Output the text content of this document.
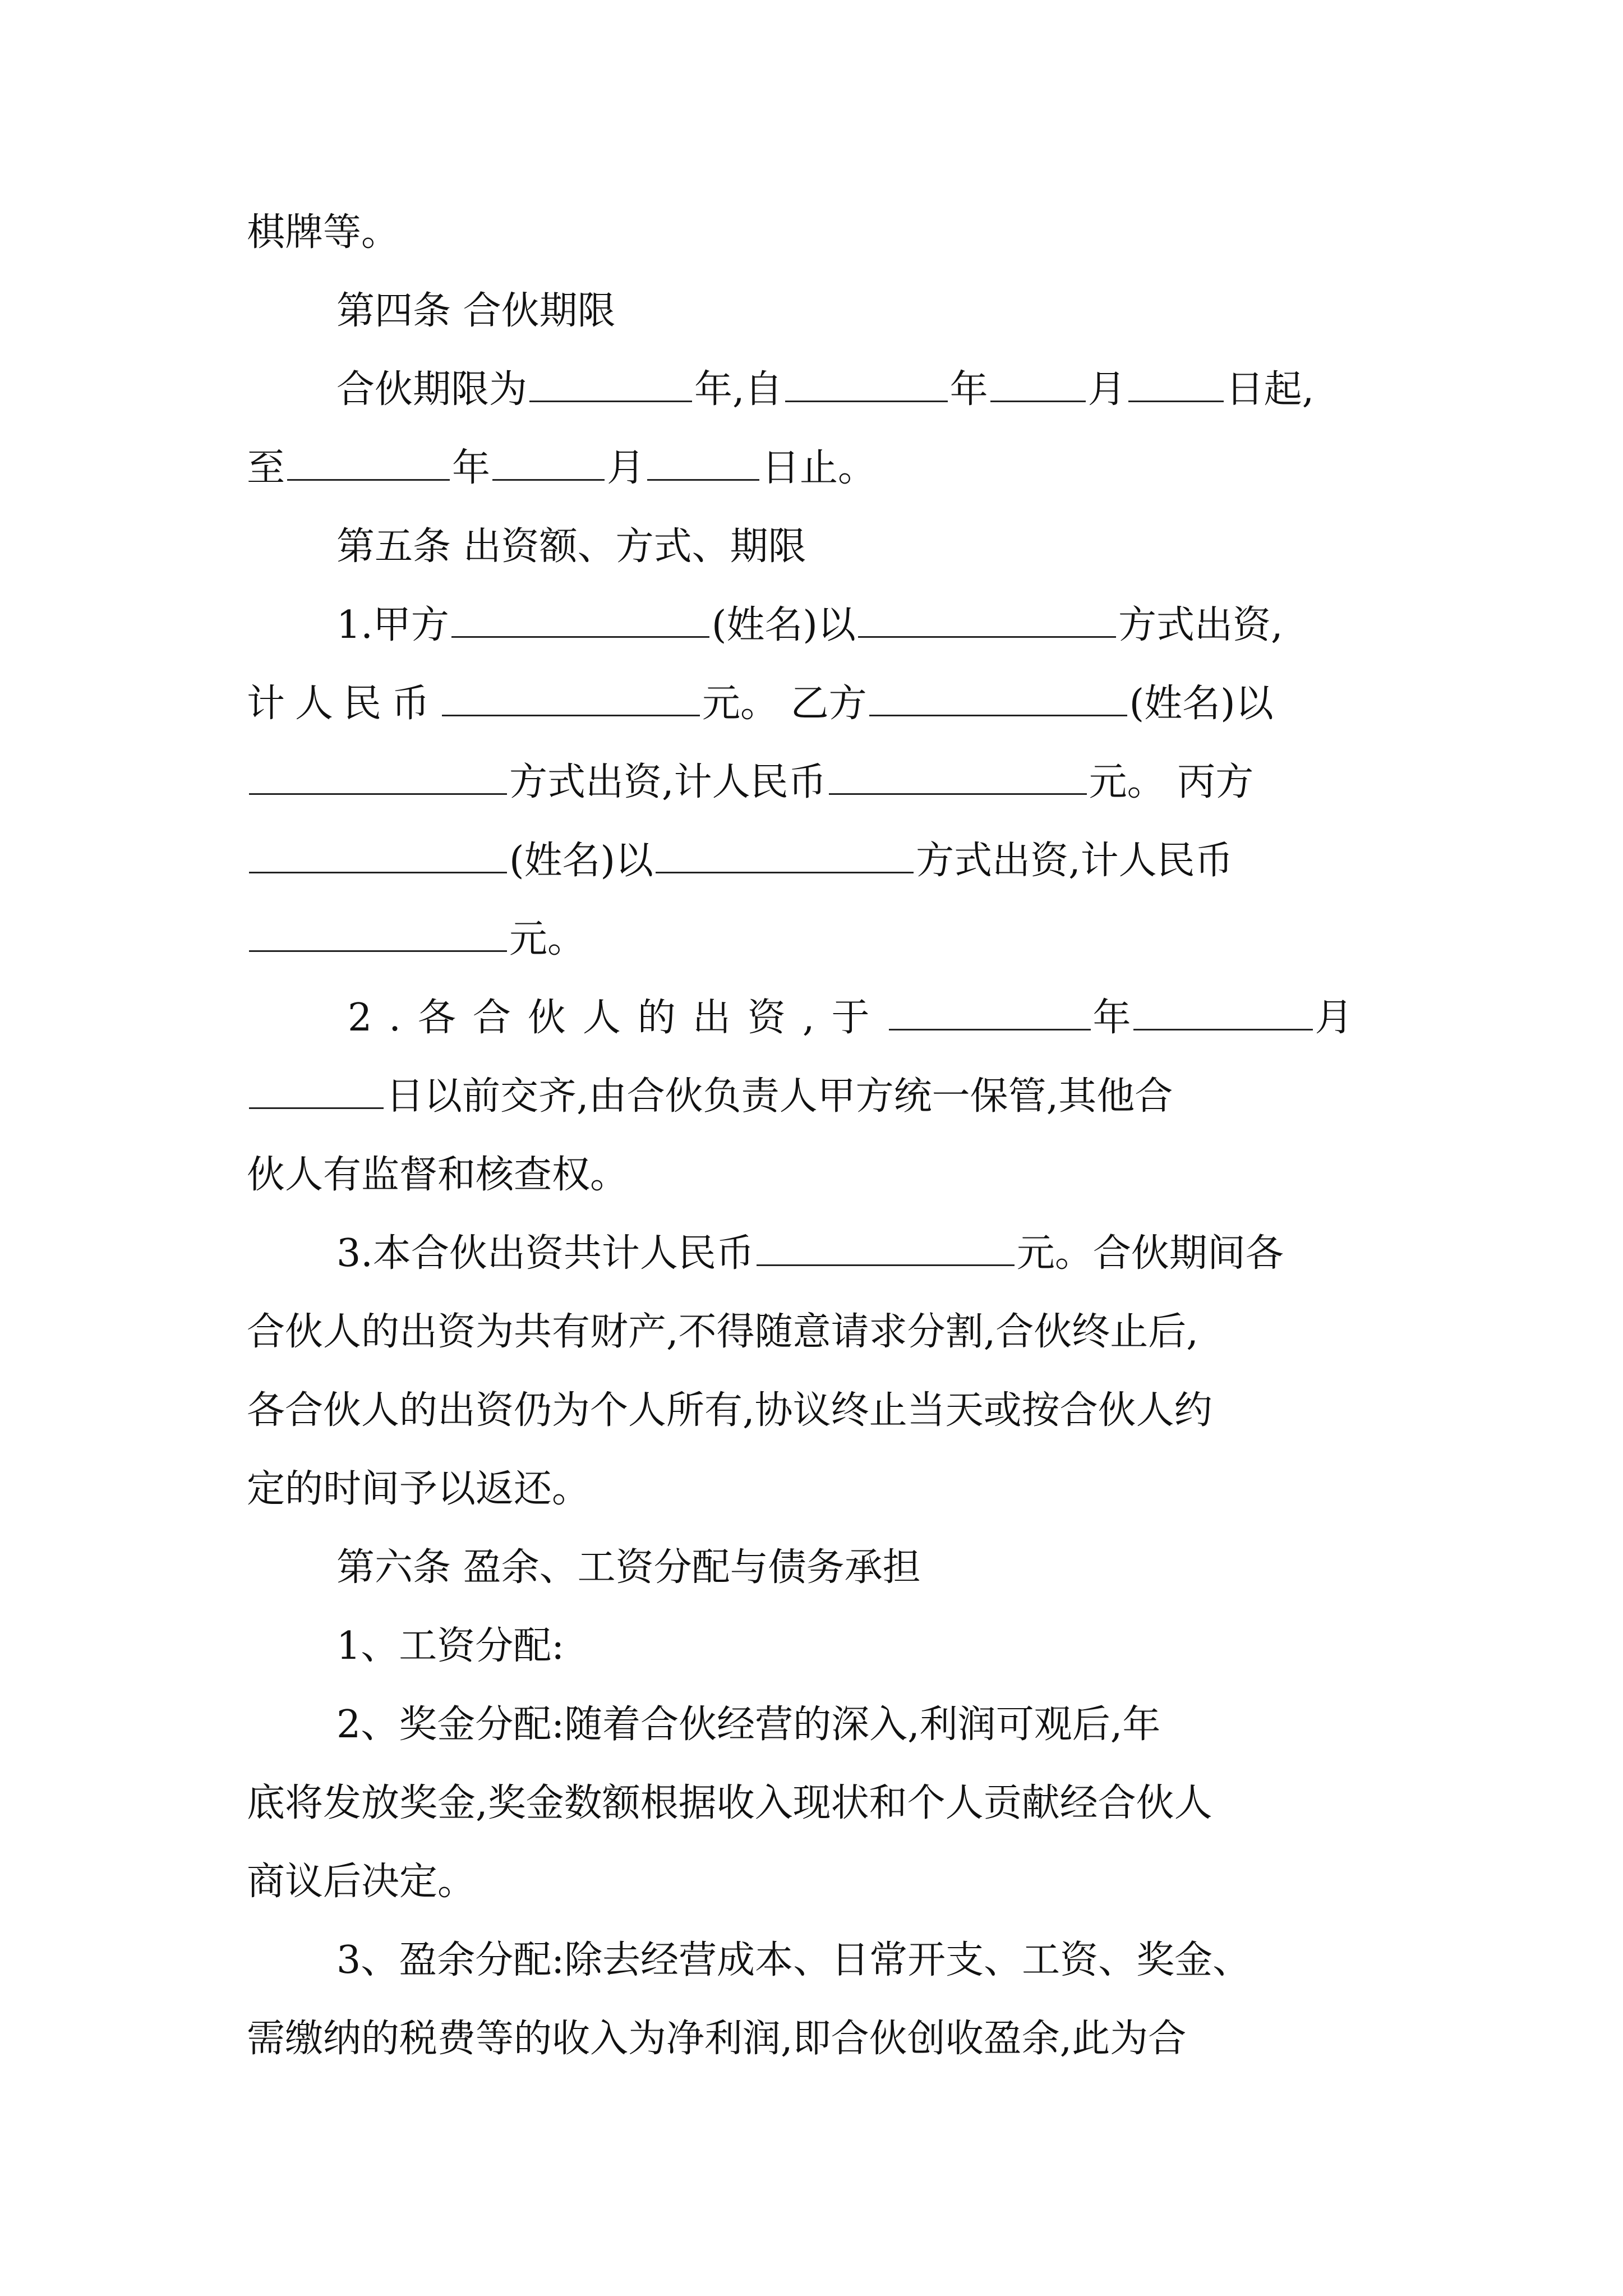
棋牌等。
第四条 合伙期限
合伙期限为	年,自	年	月	日起,
至	年	月	日止。
第五条 出资额、方式、期限
1.甲方	(姓名)以	方式出资,
计人民币	元。 乙方	(姓名)以
方式出资,计人民币	元。 丙方
(姓名)以	方式出资,计人民币
元。
2.各合伙人的出资,于	年	月
日以前交齐,由合伙负责人甲方统一保管,其他合
伙人有监督和核查权。
3.本合伙出资共计人民币	元。合伙期间各
合伙人的出资为共有财产,不得随意请求分割,合伙终止后,
各合伙人的出资仍为个人所有,协议终止当天或按合伙人约
定的时间予以返还。
第六条 盈余、工资分配与债务承担
1、工资分配:
2、奖金分配:随着合伙经营的深入,利润可观后,年
底将发放奖金,奖金数额根据收入现状和个人贡献经合伙人
商议后决定。
3、盈余分配:除去经营成本、日常开支、工资、奖金、
需缴纳的税费等的收入为净利润,即合伙创收盈余,此为合
